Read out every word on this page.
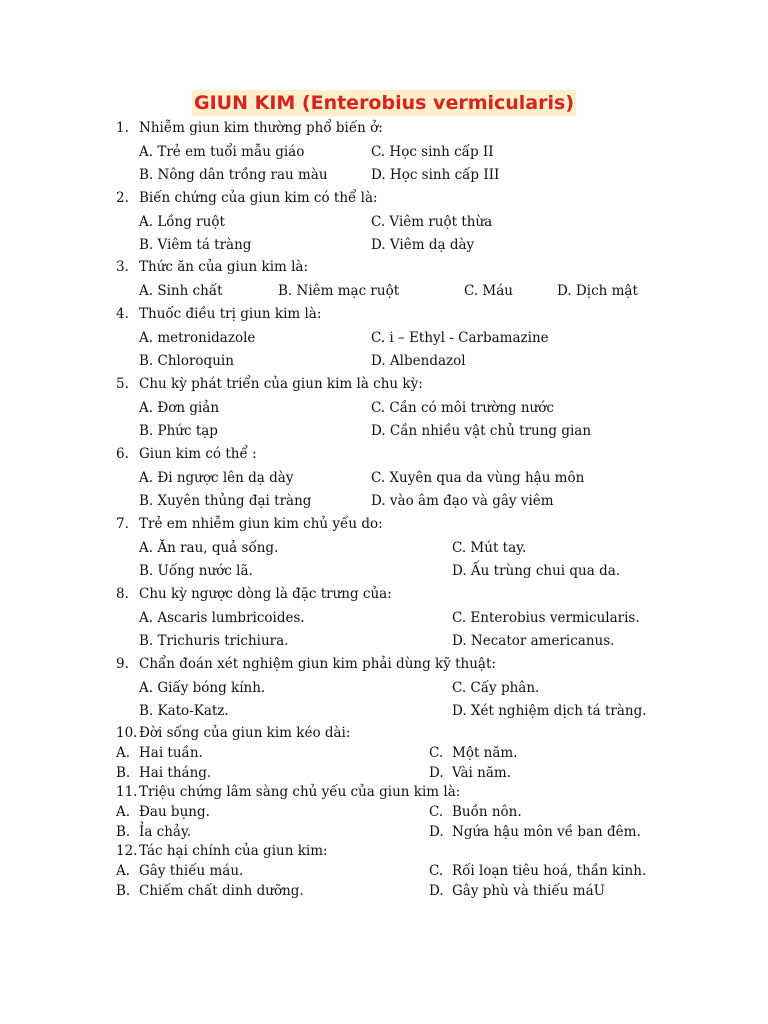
GIUN KIM (Enterobius vermicularis)
1. Nhiễm giun kim thường phổ biến ở:
A. Trẻ em tuổi mẫu giáo	C. Học sinh cấp II
B. Nông dân trồng rau màu	D. Học sinh cấp III
2. Biến chứng của giun kim có thể là:
A. Lồng ruột	C. Viêm ruột thừa
B. Viêm tá tràng	D. Viêm dạ dày
3. Thức ăn của giun kim là:
A. Sinh chất	B. Niêm mạc ruột	C. Máu	D. Dịch mật
4. Thuốc điều trị giun kim là:
A. metronidazole	C. i – Ethyl - Carbamazine
B. Chloroquin	D. Albendazol
5. Chu kỳ phát triển của giun kim là chu kỳ:
A. Đơn giản	C. Cần có môi trường nước
B. Phức tạp	D. Cần nhiều vật chủ trung gian
6. Giun kim có thể :
A. Đi ngược lên dạ dày	C. Xuyên qua da vùng hậu môn
B. Xuyên thủng đại tràng	D. vào âm đạo và gây viêm
7. Trẻ em nhiễm giun kim chủ yếu do:
A. Ăn rau, quả sống.	C. Mút tay.
B. Uống nước lã.	D. Ấu trùng chui qua da.
8. Chu kỳ ngược dòng là đặc trưng của:
A. Ascaris lumbricoides.	C. Enterobius vermicularis.
B. Trichuris trichiura.	D. Necator americanus.
9. Chẩn đoán xét nghiệm giun kim phải dùng kỹ thuật:
A. Giấy bóng kính.	C. Cấy phân.
B. Kato-Katz.	D. Xét nghiệm dịch tá tràng.
10. Đời sống của giun kim kéo dài:
A. Hai tuần.	C. Một năm.
B. Hai tháng.	D. Vài năm.
11. Triệu chứng lâm sàng chủ yếu của giun kim là:
A. Đau bụng.	C. Buồn nôn.
B. Ỉa chảy.	D. Ngứa hậu môn về ban đêm.
12. Tác hại chính của giun kim:
A. Gây thiếu máu.	C. Rối loạn tiêu hoá, thần kinh.
B. Chiếm chất dinh dưỡng.	D. Gây phù và thiếu máU
